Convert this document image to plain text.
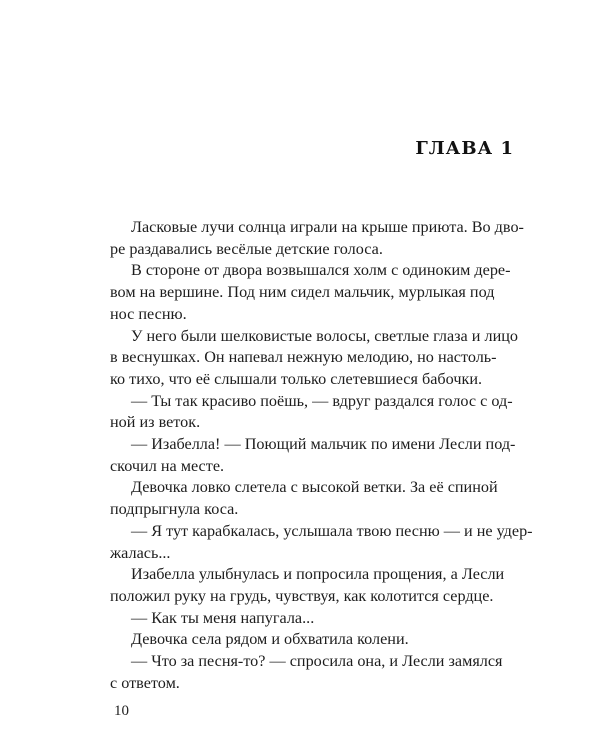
ГЛАВА 1
Ласковые лучи солнца играли на крыше приюта. Во дво-
ре раздавались весёлые детские голоса.
В стороне от двора возвышался холм с одиноким дере-
вом на вершине. Под ним сидел мальчик, мурлыкая под
нос песню.
У него были шелковистые волосы, светлые глаза и лицо
в веснушках. Он напевал нежную мелодию, но настоль-
ко тихо, что её слышали только слетевшиеся бабочки.
— Ты так красиво поёшь, — вдруг раздался голос с од-
ной из веток.
— Изабелла! — Поющий мальчик по имени Лесли под-
скочил на месте.
Девочка ловко слетела с высокой ветки. За её спиной
подпрыгнула коса.
— Я тут карабкалась, услышала твою песню — и не удер-
жалась...
Изабелла улыбнулась и попросила прощения, а Лесли
положил руку на грудь, чувствуя, как колотится сердце.
— Как ты меня напугала...
Девочка села рядом и обхватила колени.
— Что за песня-то? — спросила она, и Лесли замялся
с ответом.
10
